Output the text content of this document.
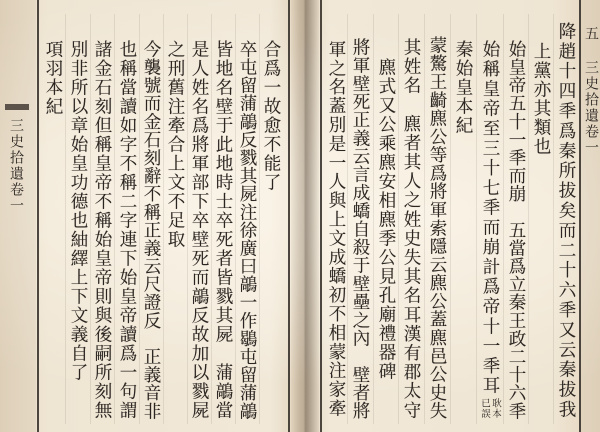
三史拾遺卷一
五
三史拾遺卷一
降趙十四秊爲秦所拔矣而二十六秊又云秦拔我
上黨亦其類也
始皇帝五十一秊而崩　五當爲立秦王政二十六秊
始稱皇帝至三十七秊而崩計爲帝十一秊耳
耿本
已誤
秦始皇本紀
蒙驁王齮麃公等爲將軍索隱云麃公蓋麃邑公史失
其姓名　麃者其人之姓史失其名耳漢有郡太守
麃式又公乘麃安相麃季公見孔廟禮器碑
將軍壁死正義云言成蟜自殺于壁壘之內　壁者將
軍之名蓋別是一人與上文成蟜初不相蒙注家牽
合爲一故愈不能了
卒屯留蒲鶮反戮其屍注徐廣曰鶮一作鶡屯留蒲鶮
皆地名壁于此地時士卒死者皆戮其屍　蒲鶮當
是人姓名爲將軍部下卒壁死而鶮反故加以戮屍
之刑舊注牽合上文不足取
今襲號而金石刻辭不稱正義云尺證反　正義音非
也稱當讀如字不稱二字連下始皇帝讀爲一句謂
諸金石刻但稱皇帝不稱始皇帝則與後嗣所刻無
別非所以章始皇功德也紬繹上下文義自了
項羽本紀
